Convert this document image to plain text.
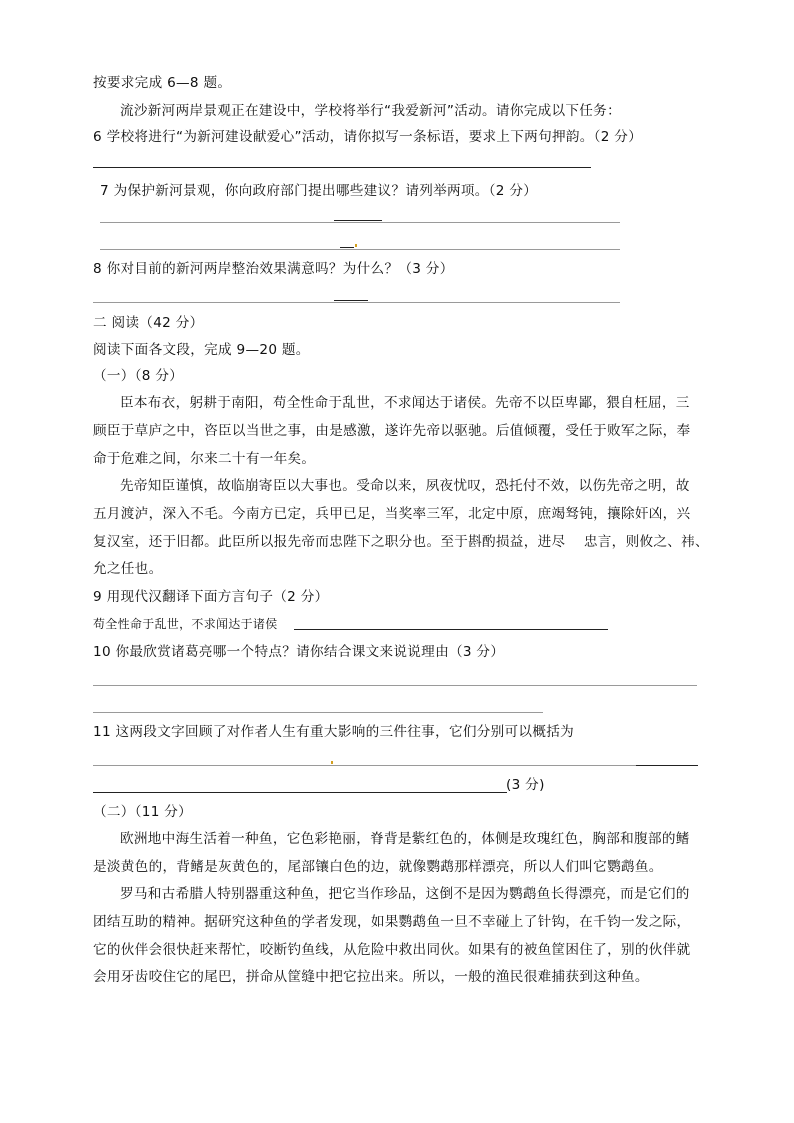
按要求完成 6—8 题。
流沙新河两岸景观正在建设中，学校将举行“我爱新河”活动。请你完成以下任务：
6 学校将进行“为新河建设献爱心”活动，请你拟写一条标语，要求上下两句押韵。（2 分）
7 为保护新河景观，你向政府部门提出哪些建议？请列举两项。（2 分）
8 你对目前的新河两岸整治效果满意吗？为什么？（3 分）
二 阅读（42 分）
阅读下面各文段，完成 9—20 题。
（一）（8 分）
臣本布衣，躬耕于南阳，苟全性命于乱世，不求闻达于诸侯。先帝不以臣卑鄙，猥自枉屈，三
顾臣于草庐之中，咨臣以当世之事，由是感激，遂许先帝以驱驰。后值倾覆，受任于败军之际，奉
命于危难之间，尔来二十有一年矣。
先帝知臣谨慎，故临崩寄臣以大事也。受命以来，夙夜忧叹，恐托付不效，以伤先帝之明，故
五月渡泸，深入不毛。今南方已定，兵甲已足，当奖率三军，北定中原，庶竭驽钝，攘除奸凶，兴
复汉室，还于旧都。此臣所以报先帝而忠陛下之职分也。至于斟酌损益，进尽　 忠言，则攸之、祎、
允之任也。
9 用现代汉翻译下面方言句子（2 分）
苟全性命于乱世，不求闻达于诸侯
10 你最欣赏诸葛亮哪一个特点？请你结合课文来说说理由（3 分）
11 这两段文字回顾了对作者人生有重大影响的三件往事，它们分别可以概括为
(3 分)
（二）（11 分）
欧洲地中海生活着一种鱼，它色彩艳丽，脊背是紫红色的，体侧是玫瑰红色，胸部和腹部的鳍
是淡黄色的，背鳍是灰黄色的，尾部镶白色的边，就像鹦鹉那样漂亮，所以人们叫它鹦鹉鱼。
罗马和古希腊人特别器重这种鱼，把它当作珍品，这倒不是因为鹦鹉鱼长得漂亮，而是它们的
团结互助的精神。据研究这种鱼的学者发现，如果鹦鹉鱼一旦不幸碰上了针钩，在千钧一发之际，
它的伙伴会很快赶来帮忙，咬断钓鱼线，从危险中救出同伙。如果有的被鱼筐困住了，别的伙伴就
会用牙齿咬住它的尾巴，拼命从筐缝中把它拉出来。所以，一般的渔民很难捕获到这种鱼。
